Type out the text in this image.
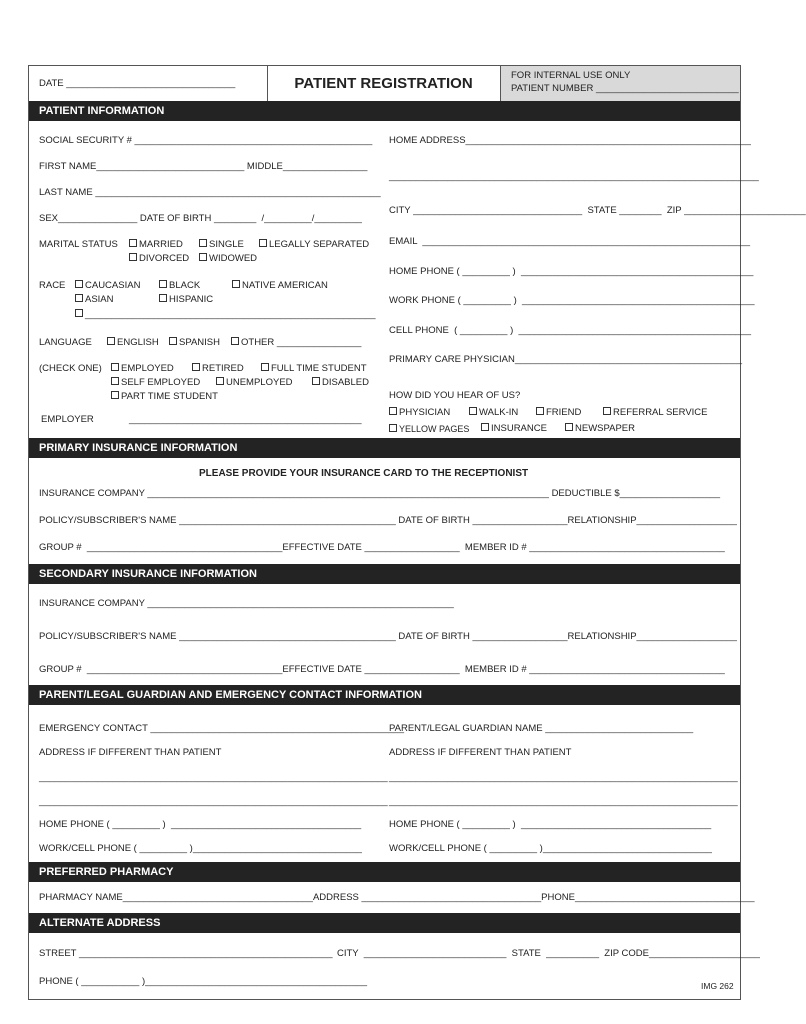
DATE ________________________________	PATIENT REGISTRATION	FOR INTERNAL USE ONLY
PATIENT NUMBER ___________________________
PATIENT INFORMATION
SOCIAL SECURITY # _____________________________________________
FIRST NAME____________________________ MIDDLE________________
LAST NAME ______________________________________________________
SEX_______________ DATE OF BIRTH ________  /_________/_________
MARITAL STATUS	MARRIED	SINGLE	LEGALLY SEPARATED
DIVORCED	WIDOWED
RACE	CAUCASIAN	BLACK	NATIVE AMERICAN
ASIAN	HISPANIC
_______________________________________________________
LANGUAGE	ENGLISH	SPANISH	OTHER ________________
(CHECK ONE)	EMPLOYED	RETIRED	FULL TIME STUDENT
SELF EMPLOYED	UNEMPLOYED	DISABLED
PART TIME STUDENT
EMPLOYER	____________________________________________
HOME ADDRESS______________________________________________________
______________________________________________________________________
CITY ________________________________  STATE ________  ZIP _______________________
EMAIL  ______________________________________________________________
HOME PHONE ( _________ )  ____________________________________________
WORK PHONE ( _________ )  ____________________________________________
CELL PHONE  ( _________ )  ____________________________________________
PRIMARY CARE PHYSICIAN___________________________________________
HOW DID YOU HEAR OF US?
PHYSICIAN	WALK-IN	FRIEND	REFERRAL SERVICE
YELLOW PAGES	INSURANCE	NEWSPAPER
PRIMARY INSURANCE INFORMATION
PLEASE PROVIDE YOUR INSURANCE CARD TO THE RECEPTIONIST
INSURANCE COMPANY ____________________________________________________________________________ DEDUCTIBLE $___________________
POLICY/SUBSCRIBER'S NAME _________________________________________ DATE OF BIRTH __________________RELATIONSHIP___________________
GROUP #  _____________________________________EFFECTIVE DATE __________________  MEMBER ID # _____________________________________
SECONDARY INSURANCE INFORMATION
INSURANCE COMPANY __________________________________________________________
POLICY/SUBSCRIBER'S NAME _________________________________________ DATE OF BIRTH __________________RELATIONSHIP___________________
GROUP #  _____________________________________EFFECTIVE DATE __________________  MEMBER ID # _____________________________________
PARENT/LEGAL GUARDIAN AND EMERGENCY CONTACT INFORMATION
EMERGENCY CONTACT ________________________________________________
PARENT/LEGAL GUARDIAN NAME ____________________________
ADDRESS IF DIFFERENT THAN PATIENT	ADDRESS IF DIFFERENT THAN PATIENT
__________________________________________________________________ __________________________________________________________________
__________________________________________________________________ __________________________________________________________________
HOME PHONE ( _________ )  ____________________________________	HOME PHONE ( _________ )  ____________________________________
WORK/CELL PHONE ( _________ )________________________________	WORK/CELL PHONE ( _________ )________________________________
PREFERRED PHARMACY
PHARMACY NAME____________________________________ADDRESS __________________________________PHONE__________________________________
ALTERNATE ADDRESS
STREET ________________________________________________ CITY  ___________________________  STATE  __________  ZIP CODE_____________________
PHONE ( ___________ )__________________________________________	IMG 262
